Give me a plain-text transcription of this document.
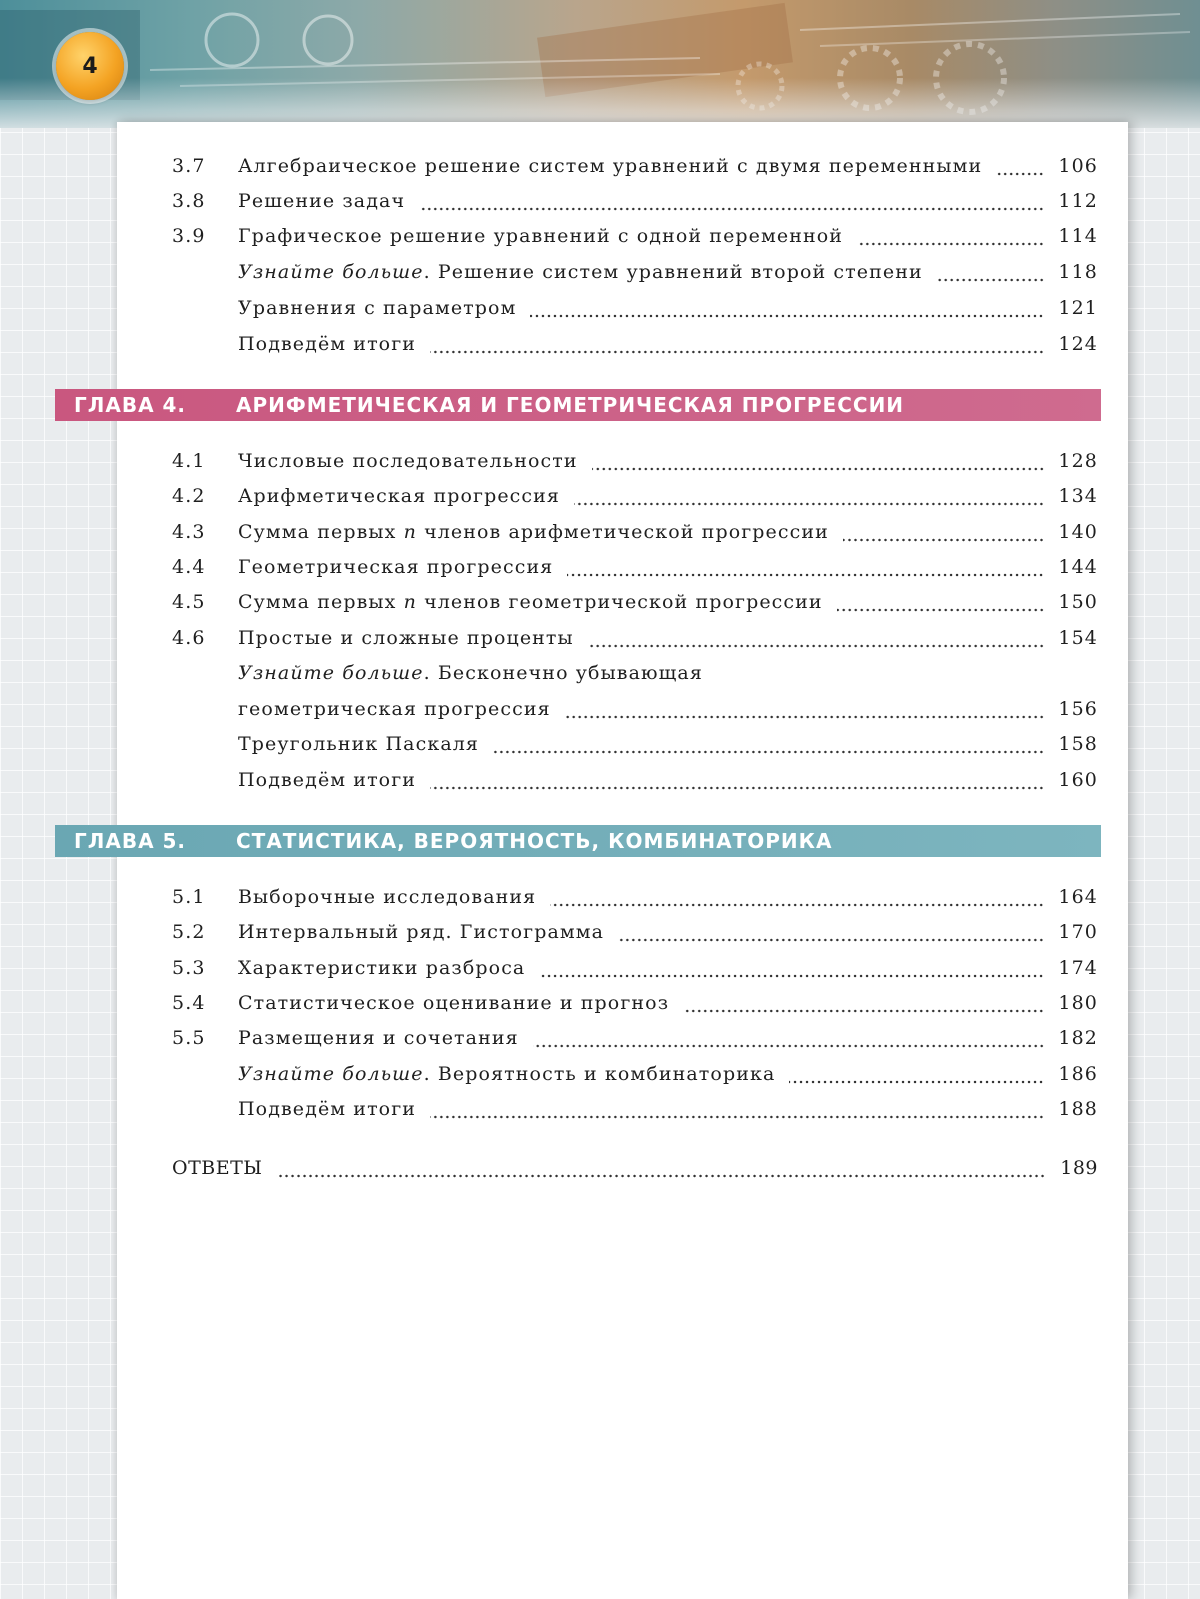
4
3.7	Алгебраическое решение систем уравнений с двумя переменными	106
3.8	Решение задач	112
3.9	Графическое решение уравнений с одной переменной	114
Узнайте больше. Решение систем уравнений второй степени	118
Уравнения с параметром	121
Подведём итоги	124
ГЛАВА 4.	АРИФМЕТИЧЕСКАЯ И ГЕОМЕТРИЧЕСКАЯ ПРОГРЕССИИ
4.1	Числовые последовательности	128
4.2	Арифметическая прогрессия	134
4.3	Сумма первых n членов арифметической прогрессии	140
4.4	Геометрическая прогрессия	144
4.5	Сумма первых n членов геометрической прогрессии	150
4.6	Простые и сложные проценты	154
Узнайте больше. Бесконечно убывающая
геометрическая прогрессия	156
Треугольник Паскаля	158
Подведём итоги	160
ГЛАВА 5.	СТАТИСТИКА, ВЕРОЯТНОСТЬ, КОМБИНАТОРИКА
5.1	Выборочные исследования	164
5.2	Интервальный ряд. Гистограмма	170
5.3	Характеристики разброса	174
5.4	Статистическое оценивание и прогноз	180
5.5	Размещения и сочетания	182
Узнайте больше. Вероятность и комбинаторика	186
Подведём итоги	188
ОТВЕТЫ	189
